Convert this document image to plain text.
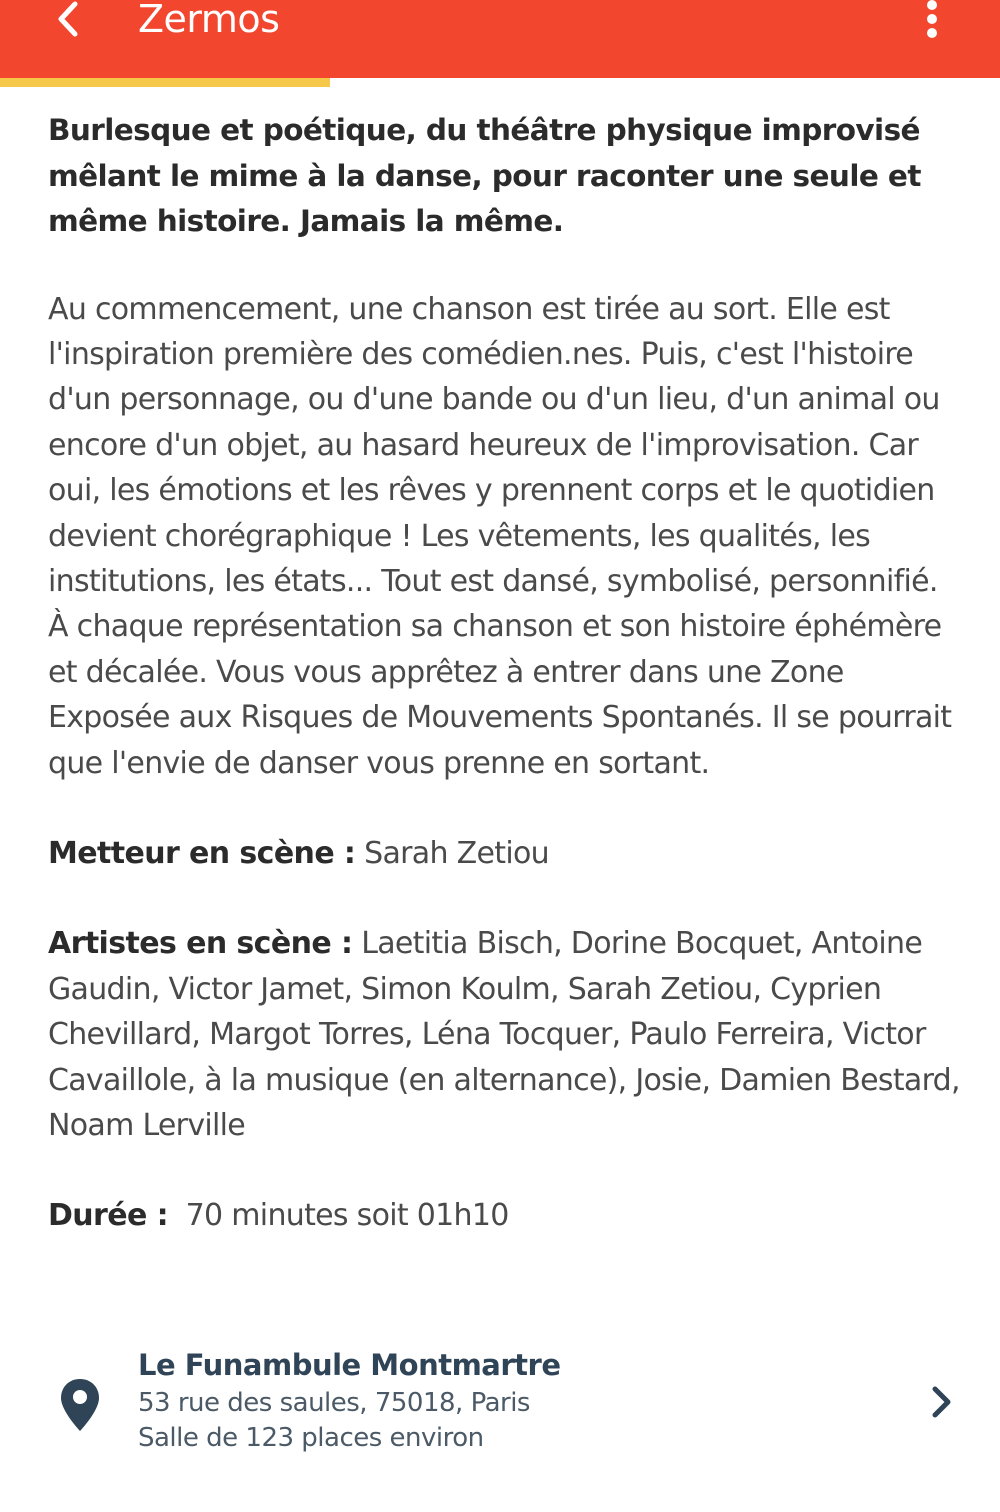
Zermos

Burlesque et poétique, du théâtre physique improvisé mêlant le mime à la danse, pour raconter une seule et même histoire. Jamais la même.

Au commencement, une chanson est tirée au sort. Elle est l'inspiration première des comédien.nes. Puis, c'est l'histoire d'un personnage, ou d'une bande ou d'un lieu, d'un animal ou encore d'un objet, au hasard heureux de l'improvisation. Car oui, les émotions et les rêves y prennent corps et le quotidien devient chorégraphique ! Les vêtements, les qualités, les institutions, les états... Tout est dansé, symbolisé, personnifié. À chaque représentation sa chanson et son histoire éphémère et décalée. Vous vous apprêtez à entrer dans une Zone Exposée aux Risques de Mouvements Spontanés. Il se pourrait que l'envie de danser vous prenne en sortant.

Metteur en scène : Sarah Zetiou

Artistes en scène : Laetitia Bisch, Dorine Bocquet, Antoine Gaudin, Victor Jamet, Simon Koulm, Sarah Zetiou, Cyprien Chevillard, Margot Torres, Léna Tocquer, Paulo Ferreira, Victor Cavaillole, à la musique (en alternance), Josie, Damien Bestard, Noam Lerville

Durée :  70 minutes soit 01h10

Le Funambule Montmartre
53 rue des saules, 75018, Paris
Salle de 123 places environ
